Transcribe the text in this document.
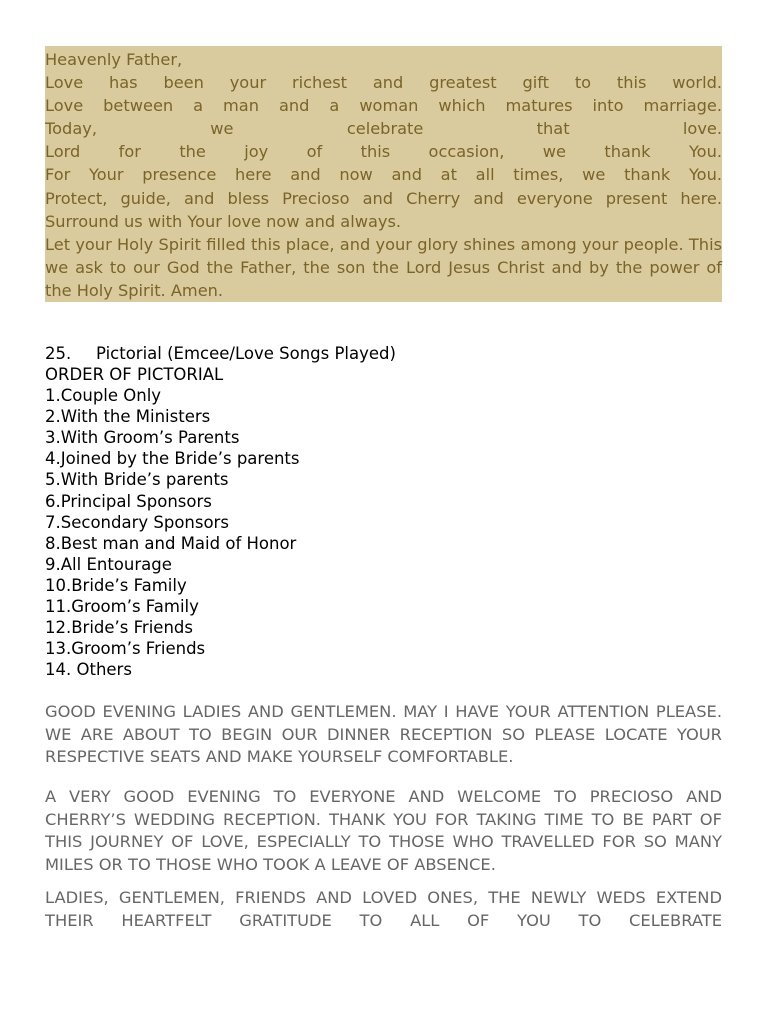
Heavenly Father,
Love has been your richest and greatest gift to this world.
Love between a man and a woman which matures into marriage.
Today, we celebrate that love.
Lord for the joy of this occasion, we thank You.
For Your presence here and now and at all times, we thank You.
Protect, guide, and bless Precioso and Cherry and everyone present here.
Surround us with Your love now and always.
Let your Holy Spirit filled this place, and your glory shines among your people. This we ask to our God the Father, the son the Lord Jesus Christ and by the power of the Holy Spirit. Amen.
25. Pictorial (Emcee/Love Songs Played)
ORDER OF PICTORIAL
1.Couple Only
2.With the Ministers
3.With Groom’s Parents
4.Joined by the Bride’s parents
5.With Bride’s parents
6.Principal Sponsors
7.Secondary Sponsors
8.Best man and Maid of Honor
9.All Entourage
10.Bride’s Family
11.Groom’s Family
12.Bride’s Friends
13.Groom’s Friends
14. Others
GOOD EVENING LADIES AND GENTLEMEN. MAY I HAVE YOUR ATTENTION PLEASE. WE ARE ABOUT TO BEGIN OUR DINNER RECEPTION SO PLEASE LOCATE YOUR RESPECTIVE SEATS AND MAKE YOURSELF COMFORTABLE.
A VERY GOOD EVENING TO EVERYONE AND WELCOME TO PRECIOSO AND CHERRY’S WEDDING RECEPTION. THANK YOU FOR TAKING TIME TO BE PART OF THIS JOURNEY OF LOVE, ESPECIALLY TO THOSE WHO TRAVELLED FOR SO MANY MILES OR TO THOSE WHO TOOK A LEAVE OF ABSENCE.
LADIES, GENTLEMEN, FRIENDS AND LOVED ONES, THE NEWLY WEDS EXTEND THEIR HEARTFELT GRATITUDE TO ALL OF YOU TO CELEBRATE
